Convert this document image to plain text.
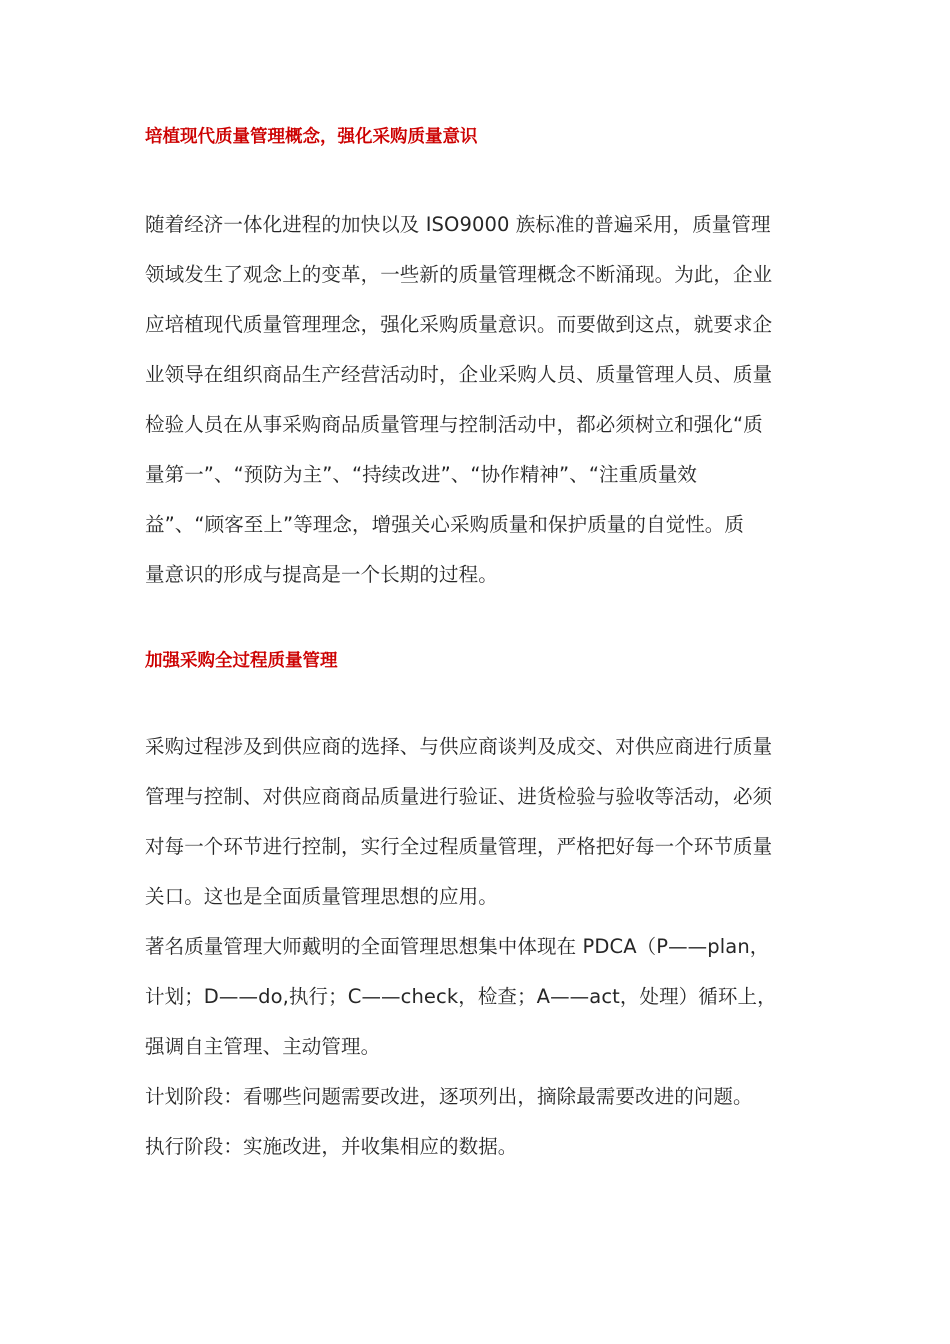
培植现代质量管理概念，强化采购质量意识
随着经济一体化进程的加快以及 ISO9000 族标准的普遍采用，质量管理
领域发生了观念上的变革，一些新的质量管理概念不断涌现。为此，企业
应培植现代质量管理理念，强化采购质量意识。而要做到这点，就要求企
业领导在组织商品生产经营活动时，企业采购人员、质量管理人员、质量
检验人员在从事采购商品质量管理与控制活动中，都必须树立和强化“质
量第一”、“预防为主”、“持续改进”、“协作精神”、“注重质量效
益”、“顾客至上”等理念，增强关心采购质量和保护质量的自觉性。质
量意识的形成与提高是一个长期的过程。
加强采购全过程质量管理
采购过程涉及到供应商的选择、与供应商谈判及成交、对供应商进行质量
管理与控制、对供应商商品质量进行验证、进货检验与验收等活动，必须
对每一个环节进行控制，实行全过程质量管理，严格把好每一个环节质量
关口。这也是全面质量管理思想的应用。
著名质量管理大师戴明的全面管理思想集中体现在 PDCA（P——plan，
计划；D——do,执行；C——check，检查；A——act，处理）循环上，
强调自主管理、主动管理。
计划阶段：看哪些问题需要改进，逐项列出，摘除最需要改进的问题。
执行阶段：实施改进，并收集相应的数据。
